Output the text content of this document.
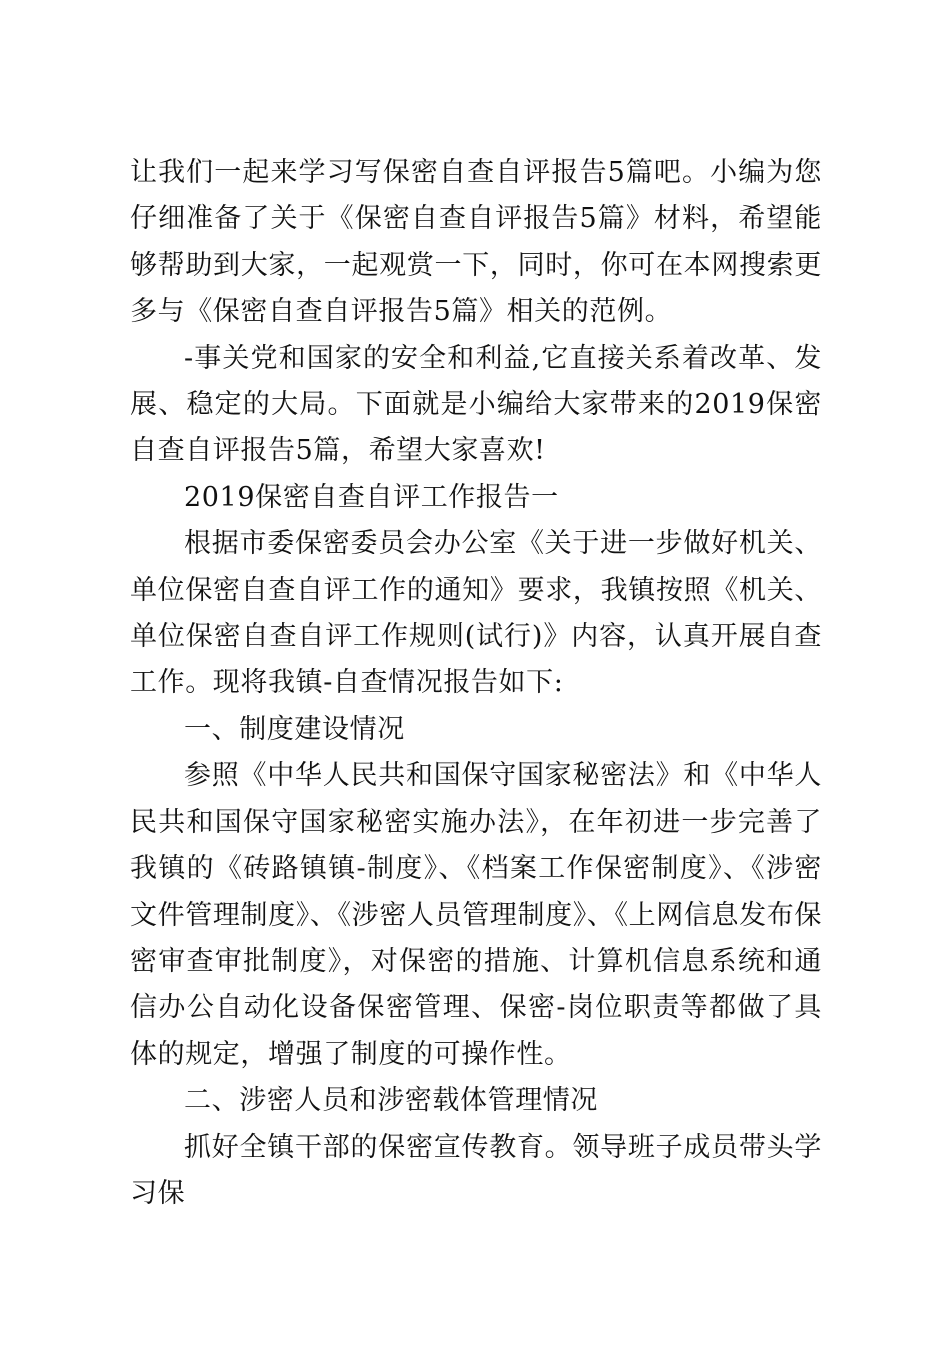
让我们一起来学习写保密自查自评报告5篇吧。小编为您仔细准备了关于《保密自查自评报告5篇》材料，希望能够帮助到大家，一起观赏一下，同时，你可在本网搜索更多与《保密自查自评报告5篇》相关的范例。

-事关党和国家的安全和利益,它直接关系着改革、发展、稳定的大局。下面就是小编给大家带来的2019保密自查自评报告5篇，希望大家喜欢!

2019保密自查自评工作报告一

根据市委保密委员会办公室《关于进一步做好机关、单位保密自查自评工作的通知》要求，我镇按照《机关、单位保密自查自评工作规则(试行)》内容，认真开展自查工作。现将我镇-自查情况报告如下:

一、制度建设情况

参照《中华人民共和国保守国家秘密法》和《中华人民共和国保守国家秘密实施办法》，在年初进一步完善了我镇的《砖路镇镇-制度》、《档案工作保密制度》、《涉密文件管理制度》、《涉密人员管理制度》、《上网信息发布保密审查审批制度》，对保密的措施、计算机信息系统和通信办公自动化设备保密管理、保密-岗位职责等都做了具体的规定，增强了制度的可操作性。

二、涉密人员和涉密载体管理情况

抓好全镇干部的保密宣传教育。领导班子成员带头学习保
